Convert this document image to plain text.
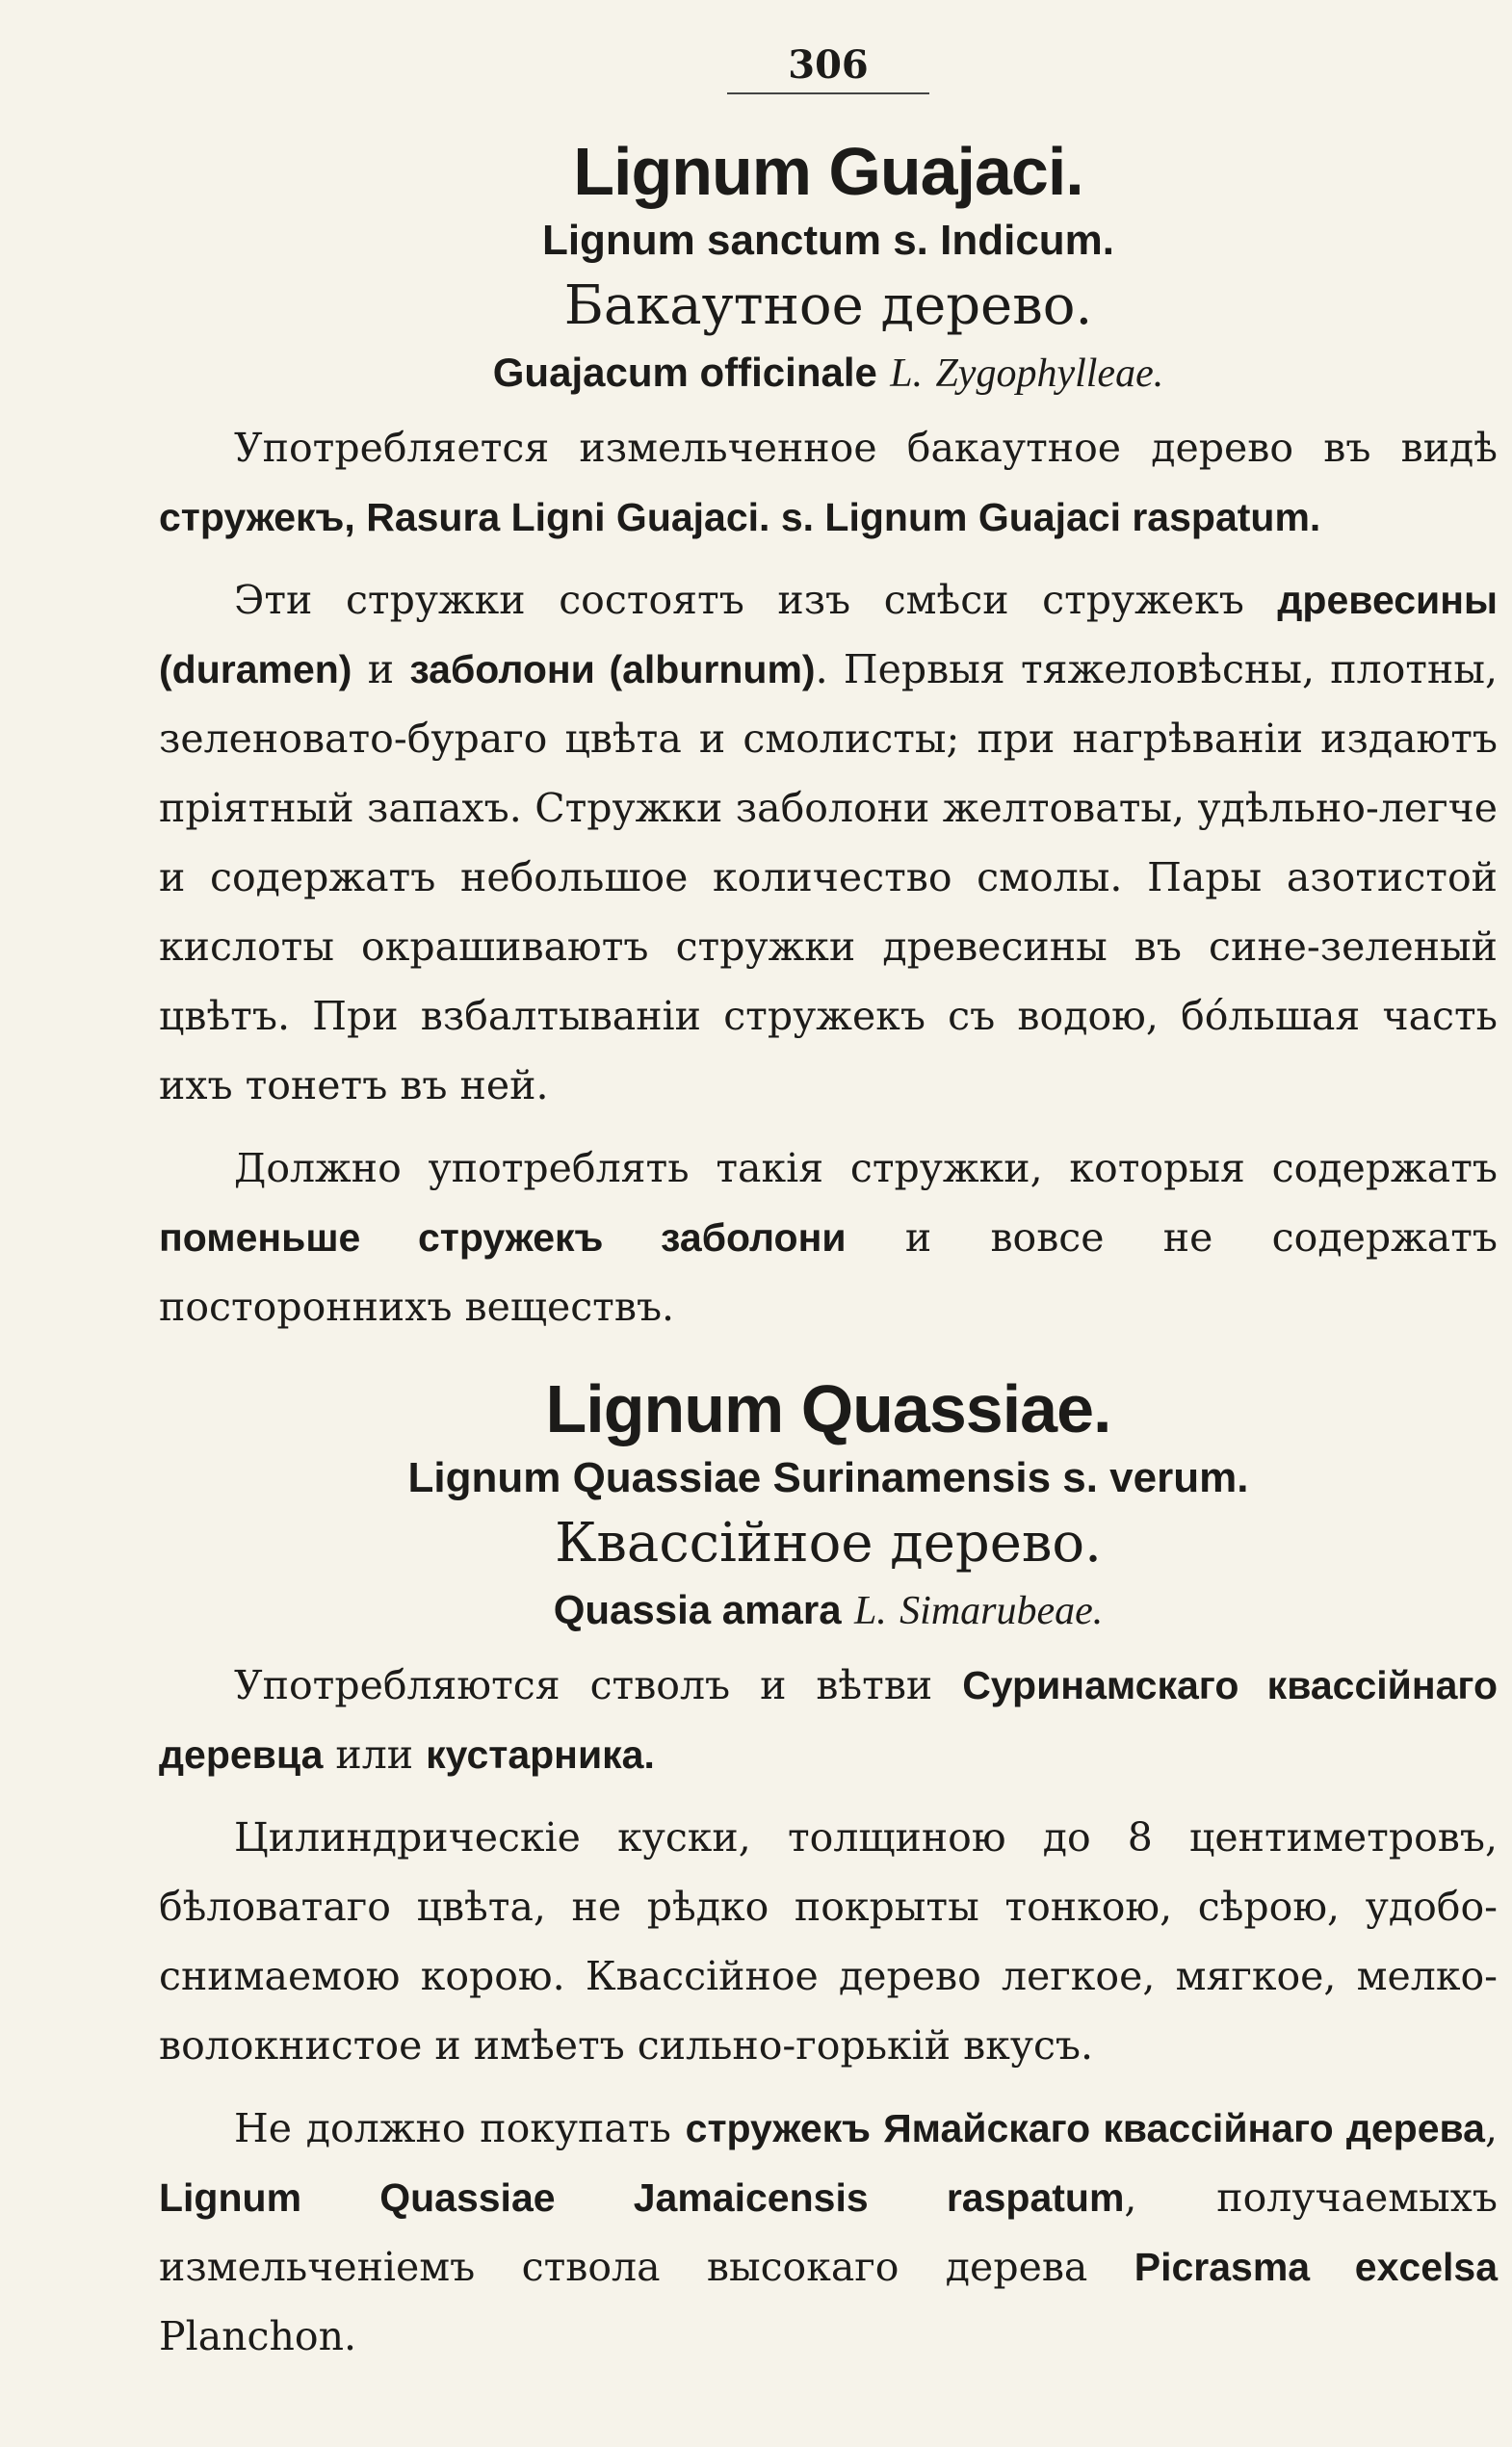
306
Lignum Guajaci.
Lignum sanctum s. Indicum.
Бакаутное дерево.
Guajacum officinale L. Zygophylleae.

Употребляется измельченное бакаутное дерево въ видѣ стружекъ, Rasura Ligni Guajaci. s. Lignum Guajaci raspatum.

Эти стружки состоятъ изъ смѣси стружекъ древесины (duramen) и заболони (alburnum). Первыя тяжеловѣсны, плотны, зеленовато-бураго цвѣта и смолисты; при нагрѣваніи издаютъ пріятный запахъ. Стружки заболони желтоваты, удѣльно-легче и содержатъ небольшое количество смолы. Пары азотистой кислоты окрашиваютъ стружки древесины въ сине-зеленый цвѣтъ. При взбалтываніи стружекъ съ водою, бóльшая часть ихъ тонетъ въ ней.

Должно употреблять такія стружки, которыя содержатъ поменьше стружекъ заболони и вовсе не содержатъ постороннихъ веществъ.

Lignum Quassiae.
Lignum Quassiae Surinamensis s. verum.
Квассійное дерево.
Quassia amara L. Simarubeae.

Употребляются стволъ и вѣтви Суринамскаго квассійнаго деревца или кустарника.

Цилиндрическіе куски, толщиною до 8 центиметровъ, бѣловатаго цвѣта, не рѣдко покрыты тонкою, сѣрою, удобо-снимаемою корою. Квассійное дерево легкое, мягкое, мелко-волокнистое и имѣетъ сильно-горькій вкусъ.

Не должно покупать стружекъ Ямайскаго квассійнаго дерева, Lignum Quassiae Jamaicensis raspatum, получаемыхъ измельченіемъ ствола высокаго дерева Picrasma excelsa Planchon.
